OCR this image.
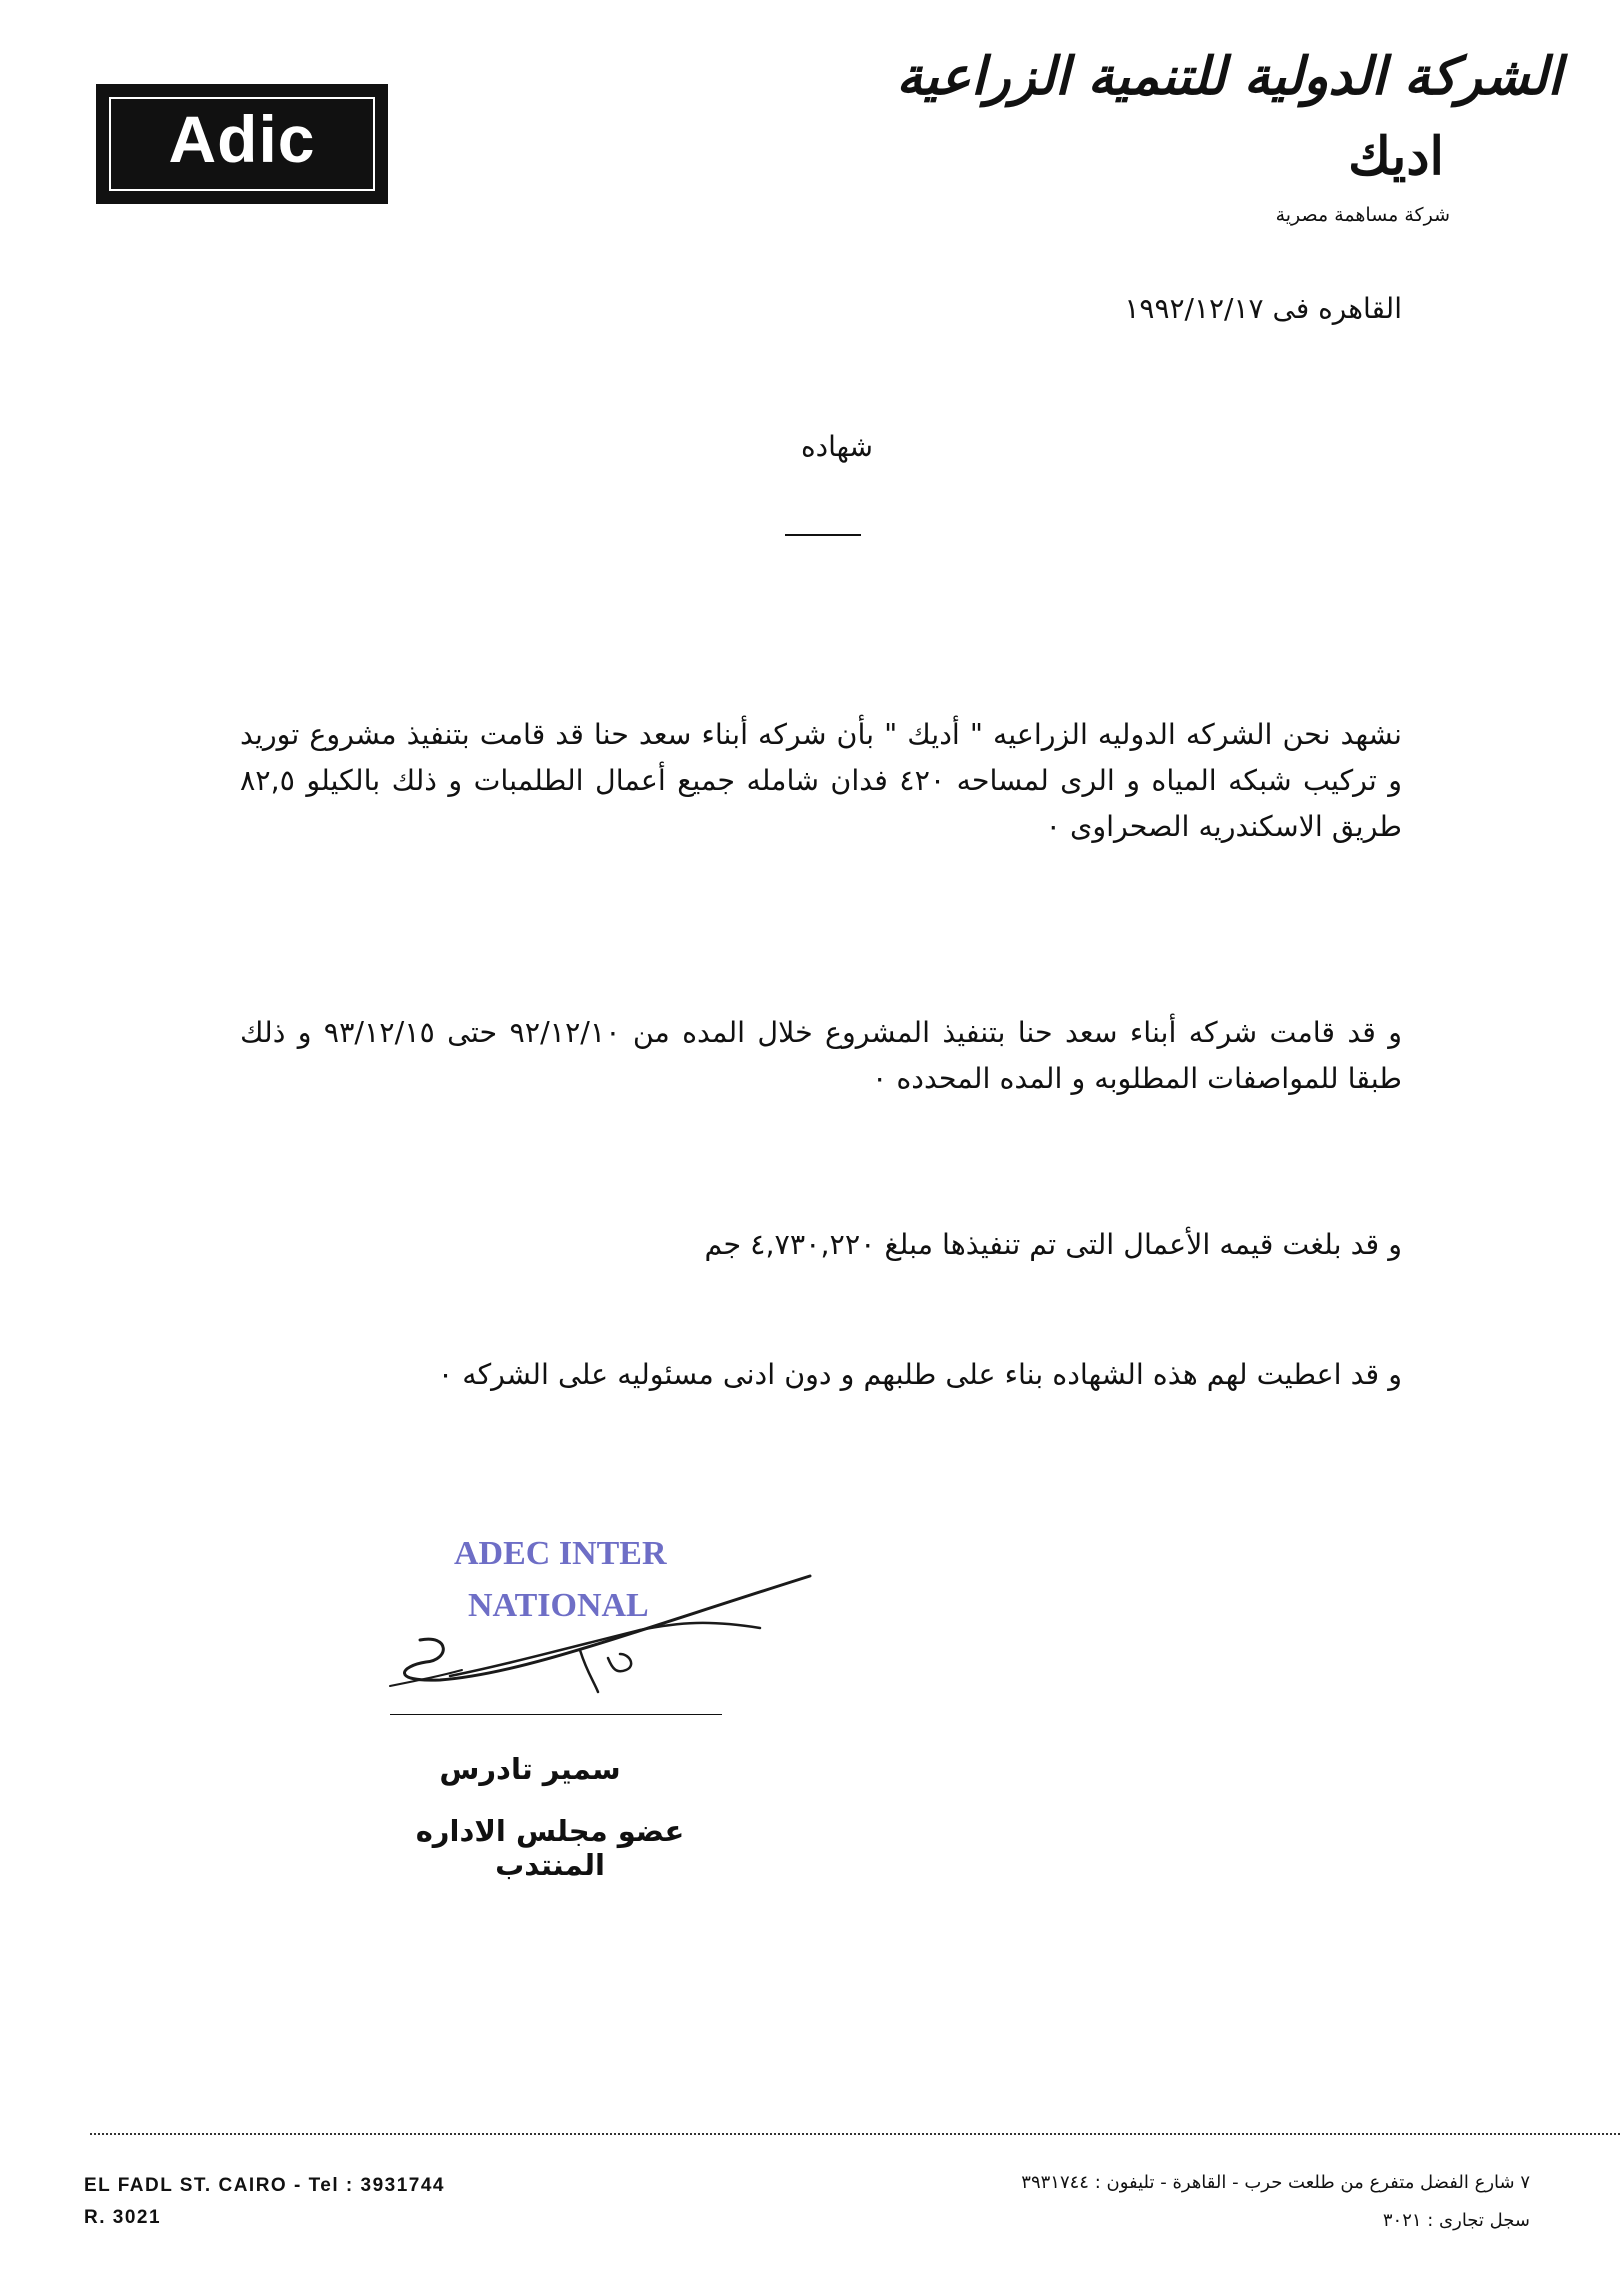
Adic
الشركة الدولية للتنمية الزراعية
اديك
شركة مساهمة مصرية
القاهره فى ١٩٩٢/١٢/١٧
شهاده

نشهد نحن الشركه الدوليه الزراعيه " أديك " بأن شركه أبناء سعد حنا قد قامت بتنفيذ مشروع توريد و تركيب شبكه المياه و الرى لمساحه ٤٢٠ فدان شامله جميع أعمال الطلمبات و ذلك بالكيلو ٨٢,٥ طريق الاسكندريه الصحراوى ٠

و قد قامت شركه أبناء سعد حنا بتنفيذ المشروع خلال المده من ٩٢/١٢/١٠ حتى ٩٣/١٢/١٥ و ذلك طبقا للمواصفات المطلوبه و المده المحدده ٠

و قد بلغت قيمه الأعمال التى تم تنفيذها مبلغ ٤,٧٣٠,٢٢٠ جم

و قد اعطيت لهم هذه الشهاده بناء على طلبهم و دون ادنى مسئوليه على الشركه ٠

ADEC INTER
NATIONAL
سمير تادرس
عضو مجلس الاداره المنتدب
EL FADL ST. CAIRO - Tel : 3931744
R. 3021
٧ شارع الفضل متفرع من طلعت حرب - القاهرة - تليفون : ٣٩٣١٧٤٤
سجل تجارى : ٣٠٢١
